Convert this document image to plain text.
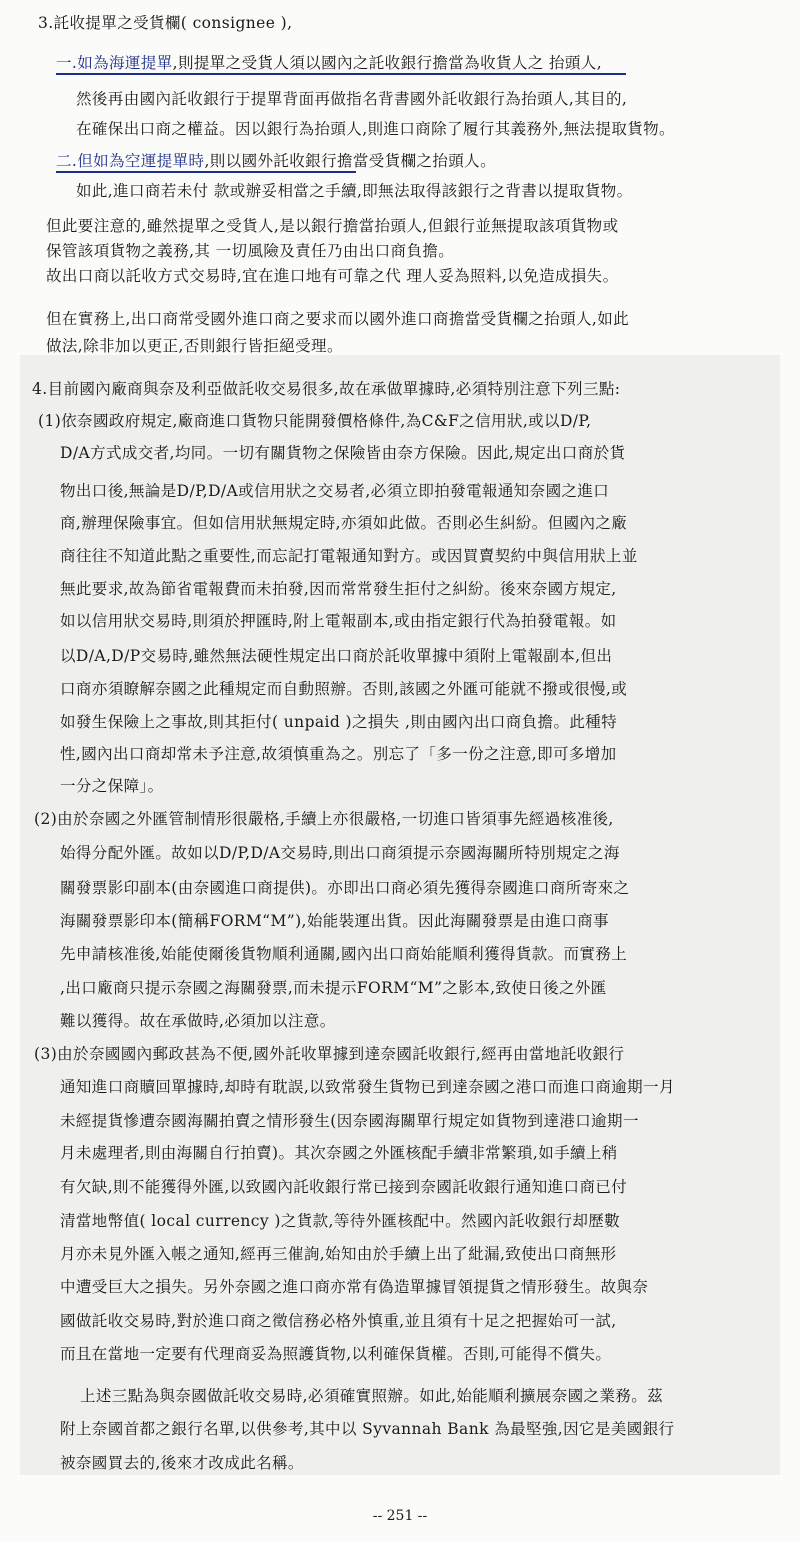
3.託收提單之受貨欄( consignee ),
一.如為海運提單,則提單之受貨人須以國內之託收銀行擔當為收貨人之 抬頭人,
然後再由國內託收銀行于提單背面再做指名背書國外託收銀行為抬頭人,其目的,
在確保出口商之權益。因以銀行為抬頭人,則進口商除了履行其義務外,無法提取貨物。
二.但如為空運提單時,則以國外託收銀行擔當受貨欄之抬頭人。
如此,進口商若未付 款或辦妥相當之手續,即無法取得該銀行之背書以提取貨物。
但此要注意的,雖然提單之受貨人,是以銀行擔當抬頭人,但銀行並無提取該項貨物或
保管該項貨物之義務,其 一切風險及責任乃由出口商負擔。
故出口商以託收方式交易時,宜在進口地有可靠之代 理人妥為照料,以免造成損失。
但在實務上,出口商常受國外進口商之要求而以國外進口商擔當受貨欄之抬頭人,如此
做法,除非加以更正,否則銀行皆拒絕受理。
4.目前國內廠商與奈及利亞做託收交易很多,故在承做單據時,必須特別注意下列三點:
(1)依奈國政府規定,廠商進口貨物只能開發價格條件,為C&F之信用狀,或以D/P,
D/A方式成交者,均同。一切有關貨物之保險皆由奈方保險。因此,規定出口商於貨
物出口後,無論是D/P,D/A或信用狀之交易者,必須立即拍發電報通知奈國之進口
商,辦理保險事宜。但如信用狀無規定時,亦須如此做。否則必生糾紛。但國內之廠
商往往不知道此點之重要性,而忘記打電報通知對方。或因買賣契約中與信用狀上並
無此要求,故為節省電報費而未拍發,因而常常發生拒付之糾紛。後來奈國方規定,
如以信用狀交易時,則須於押匯時,附上電報副本,或由指定銀行代為拍發電報。如
以D/A,D/P交易時,雖然無法硬性規定出口商於託收單據中須附上電報副本,但出
口商亦須瞭解奈國之此種規定而自動照辦。否則,該國之外匯可能就不撥或很慢,或
如發生保險上之事故,則其拒付( unpaid )之損失 ,則由國內出口商負擔。此種特
性,國內出口商却常未予注意,故須慎重為之。別忘了「多一份之注意,即可多增加
一分之保障」。
(2)由於奈國之外匯管制情形很嚴格,手續上亦很嚴格,一切進口皆須事先經過核准後,
始得分配外匯。故如以D/P,D/A交易時,則出口商須提示奈國海關所特別規定之海
關發票影印副本(由奈國進口商提供)。亦即出口商必須先獲得奈國進口商所寄來之
海關發票影印本(簡稱FORM“M”),始能裝運出貨。因此海關發票是由進口商事
先申請核准後,始能使爾後貨物順利通關,國內出口商始能順利獲得貨款。而實務上
,出口廠商只提示奈國之海關發票,而未提示FORM“M”之影本,致使日後之外匯
難以獲得。故在承做時,必須加以注意。
(3)由於奈國國內郵政甚為不便,國外託收單據到達奈國託收銀行,經再由當地託收銀行
通知進口商贖回單據時,却時有耽誤,以致常發生貨物已到達奈國之港口而進口商逾期一月
未經提貨慘遭奈國海關拍賣之情形發生(因奈國海關單行規定如貨物到達港口逾期一
月未處理者,則由海關自行拍賣)。其次奈國之外匯核配手續非常繁瑣,如手續上稍
有欠缺,則不能獲得外匯,以致國內託收銀行常已接到奈國託收銀行通知進口商已付
清當地幣值( local currency )之貨款,等待外匯核配中。然國內託收銀行却歷數
月亦未見外匯入帳之通知,經再三催詢,始知由於手續上出了紕漏,致使出口商無形
中遭受巨大之損失。另外奈國之進口商亦常有偽造單據冒領提貨之情形發生。故與奈
國做託收交易時,對於進口商之徵信務必格外慎重,並且須有十足之把握始可一試,
而且在當地一定要有代理商妥為照護貨物,以利確保貨權。否則,可能得不償失。
上述三點為與奈國做託收交易時,必須確實照辦。如此,始能順利擴展奈國之業務。茲
附上奈國首都之銀行名單,以供參考,其中以 Syvannah Bank 為最堅強,因它是美國銀行
被奈國買去的,後來才改成此名稱。
-- 251 --
